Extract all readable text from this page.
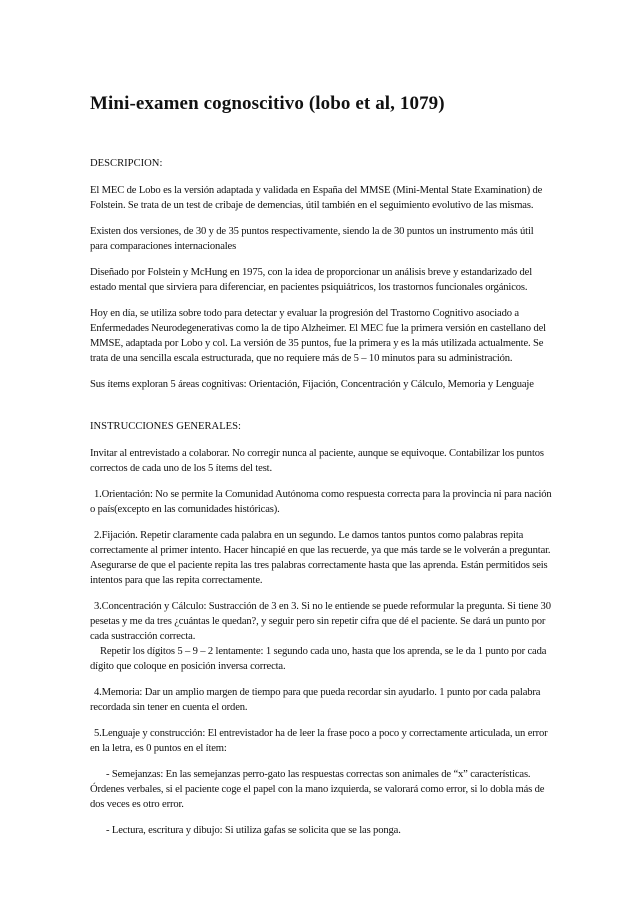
Mini-examen cognoscitivo (lobo et al, 1079)
DESCRIPCION:

El MEC de Lobo es la versión adaptada y validada en España del MMSE (Mini-Mental State Examination) de Folstein. Se trata de un test de cribaje de demencias, útil también en el seguimiento evolutivo de las mismas.

Existen dos versiones, de 30 y de 35 puntos respectivamente, siendo la de 30 puntos un instrumento más útil para comparaciones internacionales

Diseñado por Folstein y McHung en 1975, con la idea de proporcionar un análisis breve y estandarizado del estado mental que sirviera para diferenciar, en pacientes psiquiátricos, los trastornos funcionales orgánicos.

Hoy en día, se utiliza sobre todo para detectar y evaluar la progresión del Trastorno Cognitivo asociado a Enfermedades Neurodegenerativas como la de tipo Alzheimer. El MEC fue la primera versión en castellano del MMSE, adaptada por Lobo y col. La versión de 35 puntos, fue la primera y es la más utilizada actualmente. Se trata de una sencilla escala estructurada, que no requiere más de 5 – 10 minutos para su administración.

Sus ítems exploran 5 áreas cognitivas: Orientación, Fijación, Concentración y Cálculo, Memoria y Lenguaje

INSTRUCCIONES GENERALES:

Invitar al entrevistado a colaborar. No corregir nunca al paciente, aunque se equivoque. Contabilizar los puntos correctos de cada uno de los 5 ítems del test.

1.Orientación: No se permite la Comunidad Autónoma como respuesta correcta para la provincia ni para nación o país(excepto en las comunidades históricas).

2.Fijación. Repetir claramente cada palabra en un segundo. Le damos tantos puntos como palabras repita correctamente al primer intento. Hacer hincapié en que las recuerde, ya que más tarde se le volverán a preguntar. Asegurarse de que el paciente repita las tres palabras correctamente hasta que las aprenda. Están permitidos seis intentos para que las repita correctamente.

3.Concentración y Cálculo: Sustracción de 3 en 3. Si no le entiende se puede reformular la pregunta. Si tiene 30 pesetas y me da tres ¿cuántas le quedan?, y seguir pero sin repetir cifra que dé el paciente. Se dará un punto por cada sustracción correcta.
Repetir los dígitos 5 – 9 – 2 lentamente: 1 segundo cada uno, hasta que los aprenda, se le da 1 punto por cada dígito que coloque en posición inversa correcta.

4.Memoria: Dar un amplio margen de tiempo para que pueda recordar sin ayudarlo. 1 punto por cada palabra recordada sin tener en cuenta el orden.

5.Lenguaje y construcción: El entrevistador ha de leer la frase poco a poco y correctamente articulada, un error en la letra, es 0 puntos en el ítem:

- Semejanzas: En las semejanzas perro-gato las respuestas correctas son animales de “x” características. Órdenes verbales, si el paciente coge el papel con la mano izquierda, se valorará como error, si lo dobla más de dos veces es otro error.

- Lectura, escritura y dibujo: Si utiliza gafas se solicita que se las ponga.
